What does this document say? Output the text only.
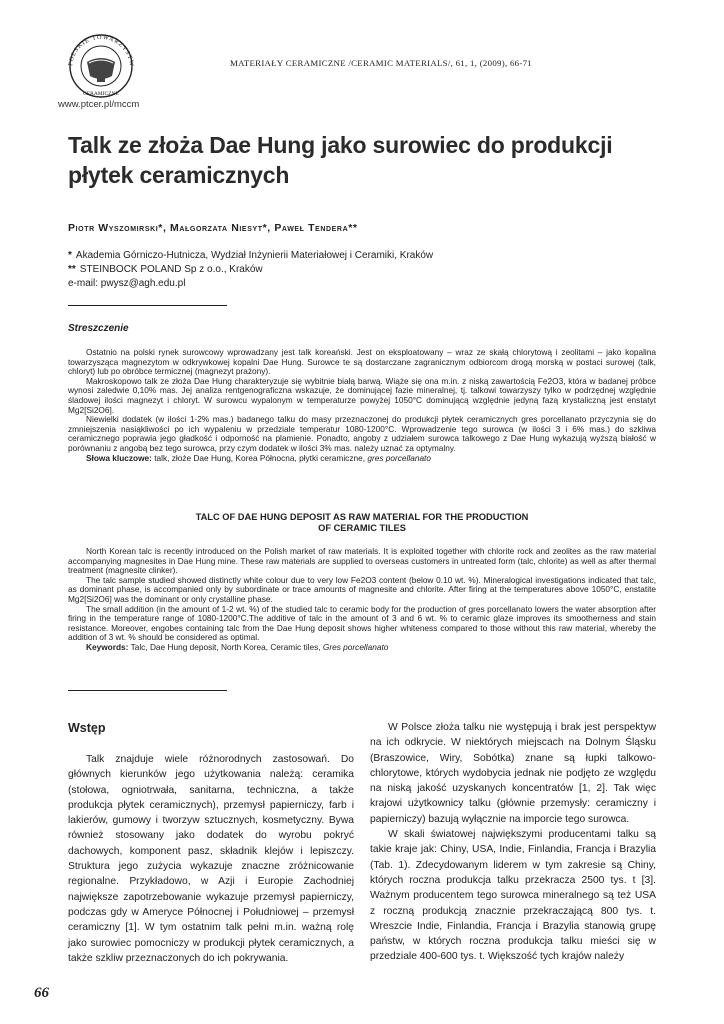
POLSKIE TOWARZYSTW
CERAMICZNE
www.ptcer.pl/mccm
MATERIAŁY CERAMICZNE /CERAMIC MATERIALS/, 61, 1, (2009), 66-71
Talk ze złoża Dae Hung jako surowiec do produkcji
płytek ceramicznych
Piotr Wyszomirski*, Małgorzata Niesyt*, Paweł Tendera**
* Akademia Górniczo-Hutnicza, Wydział Inżynierii Materiałowej i Ceramiki, Kraków
** STEINBOCK POLAND Sp z o.o., Kraków
e-mail: pwysz@agh.edu.pl
Streszczenie

Ostatnio na polski rynek surowcowy wprowadzany jest talk koreański. Jest on eksploatowany – wraz ze skałą chlorytową i zeolitami – jako kopalina towarzysząca magnezytom w odkrywkowej kopalni Dae Hung. Surowce te są dostarczane zagranicznym odbiorcom drogą morską w postaci surowej (talk, chloryt) lub po obróbce termicznej (magnezyt prażony).

Makroskopowo talk ze złoża Dae Hung charakteryzuje się wybitnie białą barwą. Wiąże się ona m.in. z niską zawartością Fe2O3, która w badanej próbce wynosi zaledwie 0,10% mas. Jej analiza rentgenograficzna wskazuje, że dominującej fazie mineralnej, tj. talkowi towarzyszy tylko w podrzędnej względnie śladowej ilości magnezyt i chloryt. W surowcu wypalonym w temperaturze powyżej 1050°C dominującą względnie jedyną fazą krystaliczną jest enstatyt Mg2[Si2O6].

Niewielki dodatek (w ilości 1-2% mas.) badanego talku do masy przeznaczonej do produkcji płytek ceramicznych gres porcellanato przyczynia się do zmniejszenia nasiąkliwości po ich wypaleniu w przedziale temperatur 1080-1200°C. Wprowadzenie tego surowca (w ilości 3 i 6% mas.) do szkliwa ceramicznego poprawia jego gładkość i odporność na plamienie. Ponadto, angoby z udziałem surowca talkowego z Dae Hung wykazują wyższą białość w porównaniu z angobą bez tego surowca, przy czym dodatek w ilości 3% mas. należy uznać za optymalny.

Słowa kluczowe: talk, złoże Dae Hung, Korea Północna, płytki ceramiczne, gres porcellanato
TALC OF DAE HUNG DEPOSIT AS RAW MATERIAL FOR THE PRODUCTION
OF CERAMIC TILES

North Korean talc is recently introduced on the Polish market of raw materials. It is exploited together with chlorite rock and zeolites as the raw material accompanying magnesites in Dae Hung mine. These raw materials are supplied to overseas customers in untreated form (talc, chlorite) as well as after thermal treatment (magnesite clinker).

The talc sample studied showed distinctly white colour due to very low Fe2O3 content (below 0.10 wt. %). Mineralogical investigations indicated that talc, as dominant phase, is accompanied only by subordinate or trace amounts of magnesite and chlorite. After firing at the temperatures above 1050°C, enstatite Mg2[Si2O6] was the dominant or only crystalline phase.

The small addition (in the amount of 1-2 wt. %) of the studied talc to ceramic body for the production of gres porcellanato lowers the water absorption after firing in the temperature range of 1080-1200°C.The additive of talc in the amount of 3 and 6 wt. % to ceramic glaze improves its smootherness and stain resistance. Moreover, engobes containing talc from the Dae Hung deposit shows higher whiteness compared to those without this raw material, whereby the addition of 3 wt. % should be considered as optimal.

Keywords: Talc, Dae Hung deposit, North Korea, Ceramic tiles, Gres porcellanato
Wstęp

Talk znajduje wiele różnorodnych zastosowań. Do głównych kierunków jego użytkowania należą: ceramika (stołowa, ogniotrwała, sanitarna, techniczna, a także produkcja płytek ceramicznych), przemysł papierniczy, farb i lakierów, gumowy i tworzyw sztucznych, kosmetyczny. Bywa również stosowany jako dodatek do wyrobu pokryć dachowych, komponent pasz, składnik klejów i lepiszczy. Struktura jego zużycia wykazuje znaczne zróżnicowanie regionalne. Przykładowo, w Azji i Europie Zachodniej największe zapotrzebowanie wykazuje przemysł papierniczy, podczas gdy w Ameryce Północnej i Południowej – przemysł ceramiczny [1]. W tym ostatnim talk pełni m.in. ważną rolę jako surowiec pomocniczy w produkcji płytek ceramicznych, a także szkliw przeznaczonych do ich pokrywania.

W Polsce złoża talku nie występują i brak jest perspektyw na ich odkrycie. W niektórych miejscach na Dolnym Śląsku (Braszowice, Wiry, Sobótka) znane są łupki talkowo-chlorytowe, których wydobycia jednak nie podjęto ze względu na niską jakość uzyskanych koncentratów [1, 2]. Tak więc krajowi użytkownicy talku (głównie przemysły: ceramiczny i papierniczy) bazują wyłącznie na imporcie tego surowca.

W skali światowej największymi producentami talku są takie kraje jak: Chiny, USA, Indie, Finlandia, Francja i Brazylia (Tab. 1). Zdecydowanym liderem w tym zakresie są Chiny, których roczna produkcja talku przekracza 2500 tys. t [3]. Ważnym producentem tego surowca mineralnego są też USA z roczną produkcją znacznie przekraczającą 800 tys. t. Wreszcie Indie, Finlandia, Francja i Brazylia stanowią grupę państw, w których roczna produkcja talku mieści się w przedziale 400-600 tys. t. Większość tych krajów należy

66
